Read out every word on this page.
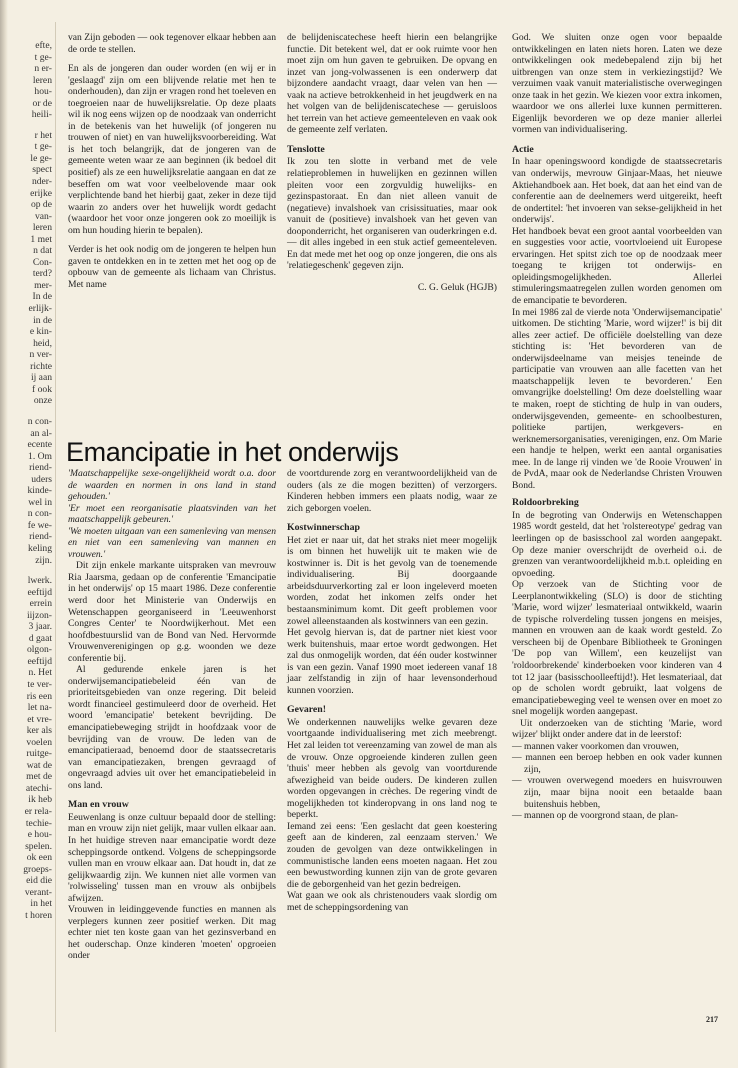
efte,
t ge-
n er-
leren
hou-
or de
heili-
r het
t ge-
le ge-
spect
nder-
erijke
op de
van-
leren
1 met
n dat
Con-
terd?
mer-
In de
erlijk-
in de
e kin-
heid,
n ver-
richte
ij aan
f ook
onze
n con-
an al-
ecente
1. Om
riend-
uders
kinde-
wel in
n con-
fe we-
riend-
keling
zijn.
lwerk.
eeftijd
errein
iijzon-
3 jaar.
d gaat
olgon-
eeftijd
n. Het
te ver-
ris een
let na-
et vre-
ker als
voelen
ruitge-
wat de
met de
atechi-
ik heb
er rela-
techie-
e hou-
spelen.
ok een
groeps-
eid die
verant-
in het
t horen

van Zijn geboden — ook tegenover elkaar hebben aan de orde te stellen.

En als de jongeren dan ouder worden (en wij er in 'geslaagd' zijn om een blijvende relatie met hen te onderhouden), dan zijn er vragen rond het toeleven en toegroeien naar de huwelijksrelatie. Op deze plaats wil ik nog eens wijzen op de noodzaak van onderricht in de betekenis van het huwelijk (of jongeren nu trouwen of niet) en van huwelijksvoorbereiding. Wat is het toch belangrijk, dat de jongeren van de gemeente weten waar ze aan beginnen (ik bedoel dit positief) als ze een huwelijksrelatie aangaan en dat ze beseffen om wat voor veelbelovende maar ook verplichtende band het hierbij gaat, zeker in deze tijd waarin zo anders over het huwelijk wordt gedacht (waardoor het voor onze jongeren ook zo moeilijk is om hun houding hierin te bepalen).

Verder is het ook nodig om de jongeren te helpen hun gaven te ontdekken en in te zetten met het oog op de opbouw van de gemeente als lichaam van Christus. Met name

de belijdeniscatechese heeft hierin een belangrijke functie. Dit betekent wel, dat er ook ruimte voor hen moet zijn om hun gaven te gebruiken. De opvang en inzet van jong-volwassenen is een onderwerp dat bijzondere aandacht vraagt, daar velen van hen — vaak na actieve betrokkenheid in het jeugdwerk en na het volgen van de belijdeniscatechese — geruisloos het terrein van het actieve gemeenteleven en vaak ook de gemeente zelf verlaten.

Tenslotte

Ik zou ten slotte in verband met de vele relatieproblemen in huwelijken en gezinnen willen pleiten voor een zorgvuldig huwelijks- en gezinspastoraat. En dan niet alleen vanuit de (negatieve) invalshoek van crisissituaties, maar ook vanuit de (positieve) invalshoek van het geven van dooponderricht, het organiseren van ouderkringen e.d. — dit alles ingebed in een stuk actief gemeenteleven. En dat mede met het oog op onze jongeren, die ons als 'relatiegeschenk' gegeven zijn.

C. G. Geluk (HGJB)

God. We sluiten onze ogen voor bepaalde ontwikkelingen en laten niets horen. Laten we deze ontwikkelingen ook medebepalend zijn bij het uitbrengen van onze stem in verkiezingstijd? We verzuimen vaak vanuit materialistische overwegingen onze taak in het gezin. We kiezen voor extra inkomen, waardoor we ons allerlei luxe kunnen permitteren. Eigenlijk bevorderen we op deze manier allerlei vormen van individualisering.

Actie

In haar openingswoord kondigde de staatssecretaris van onderwijs, mevrouw Ginjaar-Maas, het nieuwe Aktiehandboek aan. Het boek, dat aan het eind van de conferentie aan de deelnemers werd uitgereikt, heeft de ondertitel: 'het invoeren van sekse-gelijkheid in het onderwijs'.

Het handboek bevat een groot aantal voorbeelden van en suggesties voor actie, voortvloeiend uit Europese ervaringen. Het spitst zich toe op de noodzaak meer toegang te krijgen tot onderwijs- en opleidingsmogelijkheden. Allerlei stimuleringsmaatregelen zullen worden genomen om de emancipatie te bevorderen.

In mei 1986 zal de vierde nota 'Onderwijsemancipatie' uitkomen. De stichting 'Marie, word wijzer!' is bij dit alles zeer actief. De officiële doelstelling van deze stichting is: 'Het bevorderen van de onderwijsdeelname van meisjes teneinde de participatie van vrouwen aan alle facetten van het maatschappelijk leven te bevorderen.' Een omvangrijke doelstelling! Om deze doelstelling waar te maken, roept de stichting de hulp in van ouders, onderwijsgevenden, gemeente- en schoolbesturen, politieke partijen, werkgevers- en werknemersorganisaties, verenigingen, enz. Om Marie een handje te helpen, werkt een aantal organisaties mee. In de lange rij vinden we 'de Rooie Vrouwen' in de PvdA, maar ook de Nederlandse Christen Vrouwen Bond.

Roldoorbreking

In de begroting van Onderwijs en Wetenschappen 1985 wordt gesteld, dat het 'rolstereotype' gedrag van leerlingen op de basisschool zal worden aangepakt. Op deze manier overschrijdt de overheid o.i. de grenzen van verantwoordelijkheid m.b.t. opleiding en opvoeding.

Op verzoek van de Stichting voor de Leerplanontwikkeling (SLO) is door de stichting 'Marie, word wijzer' lesmateriaal ontwikkeld, waarin de typische rolverdeling tussen jongens en meisjes, mannen en vrouwen aan de kaak wordt gesteld. Zo verscheen bij de Openbare Bibliotheek te Groningen 'De pop van Willem', een keuzelijst van 'roldoorbrekende' kinderboeken voor kinderen van 4 tot 12 jaar (basisschoolleeftijd!). Het lesmateriaal, dat op de scholen wordt gebruikt, laat volgens de emancipatiebeweging veel te wensen over en moet zo snel mogelijk worden aangepast.

Uit onderzoeken van de stichting 'Marie, word wijzer' blijkt onder andere dat in de leerstof:

— mannen vaker voorkomen dan vrouwen,
— mannen een beroep hebben en ook vader kunnen zijn,
— vrouwen overwegend moeders en huisvrouwen zijn, maar bijna nooit een betaalde baan buitenshuis hebben,
— mannen op de voorgrond staan, de plan-
Emancipatie in het onderwijs

'Maatschappelijke sexe-ongelijkheid wordt o.a. door de waarden en normen in ons land in stand gehouden.'

'Er moet een reorganisatie plaatsvinden van het maatschappelijk gebeuren.'

'We moeten uitgaan van een samenleving van mensen en niet van een samenleving van mannen en vrouwen.'

Dit zijn enkele markante uitspraken van mevrouw Ria Jaarsma, gedaan op de conferentie 'Emancipatie in het onderwijs' op 15 maart 1986. Deze conferentie werd door het Ministerie van Onderwijs en Wetenschappen georganiseerd in 'Leeuwenhorst Congres Center' te Noordwijkerhout. Met een hoofdbestuurslid van de Bond van Ned. Hervormde Vrouwenverenigingen op g.g. woonden we deze conferentie bij.

Al gedurende enkele jaren is het onderwijsemancipatiebeleid één van de prioriteitsgebieden van onze regering. Dit beleid wordt financieel gestimuleerd door de overheid. Het woord 'emancipatie' betekent bevrijding. De emancipatiebeweging strijdt in hoofdzaak voor de bevrijding van de vrouw. De leden van de emancipatieraad, benoemd door de staatssecretaris van emancipatiezaken, brengen gevraagd of ongevraagd advies uit over het emancipatiebeleid in ons land.

Man en vrouw

Eeuwenlang is onze cultuur bepaald door de stelling: man en vrouw zijn niet gelijk, maar vullen elkaar aan. In het huidige streven naar emancipatie wordt deze scheppingsorde ontkend. Volgens de scheppingsorde vullen man en vrouw elkaar aan. Dat houdt in, dat ze gelijkwaardig zijn. We kunnen niet alle vormen van 'rolwisseling' tussen man en vrouw als onbijbels afwijzen.

Vrouwen in leidinggevende functies en mannen als verplegers kunnen zeer positief werken. Dit mag echter niet ten koste gaan van het gezinsverband en het ouderschap. Onze kinderen 'moeten' opgroeien onder

de voortdurende zorg en verantwoordelijkheid van de ouders (als ze die mogen bezitten) of verzorgers. Kinderen hebben immers een plaats nodig, waar ze zich geborgen voelen.

Kostwinnerschap

Het ziet er naar uit, dat het straks niet meer mogelijk is om binnen het huwelijk uit te maken wie de kostwinner is. Dit is het gevolg van de toenemende individualisering. Bij doorgaande arbeidsduurverkorting zal er loon ingeleverd moeten worden, zodat het inkomen zelfs onder het bestaansminimum komt. Dit geeft problemen voor zowel alleenstaanden als kostwinners van een gezin.

Het gevolg hiervan is, dat de partner niet kiest voor werk buitenshuis, maar ertoe wordt gedwongen. Het zal dus onmogelijk worden, dat één ouder kostwinner is van een gezin. Vanaf 1990 moet iedereen vanaf 18 jaar zelfstandig in zijn of haar levensonderhoud kunnen voorzien.

Gevaren!

We onderkennen nauwelijks welke gevaren deze voortgaande individualisering met zich meebrengt. Het zal leiden tot vereenzaming van zowel de man als de vrouw. Onze opgroeiende kinderen zullen geen 'thuis' meer hebben als gevolg van voortdurende afwezigheid van beide ouders. De kinderen zullen worden opgevangen in crèches. De regering vindt de mogelijkheden tot kinderopvang in ons land nog te beperkt.

Iemand zei eens: 'Een geslacht dat geen koestering geeft aan de kinderen, zal eenzaam sterven.' We zouden de gevolgen van deze ontwikkelingen in communistische landen eens moeten nagaan. Het zou een bewustwording kunnen zijn van de grote gevaren die de geborgenheid van het gezin bedreigen.

Wat gaan we ook als christenouders vaak slordig om met de scheppingsordening van

217
